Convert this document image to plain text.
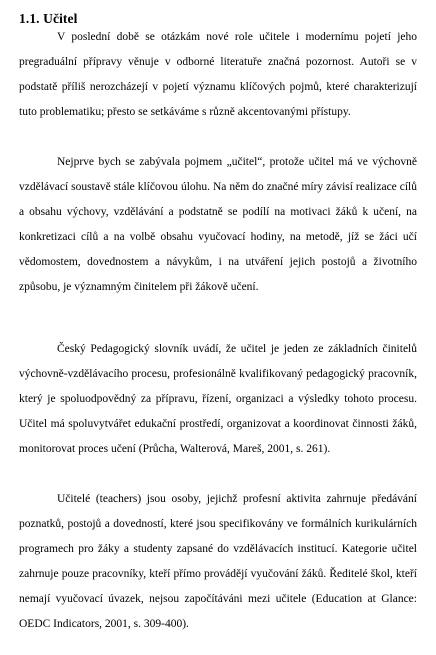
1.1. Učitel

V poslední době se otázkám nové role učitele i modernímu pojetí jeho pregraduální přípravy věnuje v odborné literatuře značná pozornost. Autoři se v podstatě příliš nerozcházejí v pojetí významu klíčových pojmů, které charakterizují tuto problematiku; přesto se setkáváme s různě akcentovanými přístupy.

Nejprve bych se zabývala pojmem „učitel“, protože učitel má ve výchovně vzdělávací soustavě stále klíčovou úlohu. Na něm do značné míry závisí realizace cílů a obsahu výchovy, vzdělávání a podstatně se podílí na motivaci žáků k učení, na konkretizaci cílů a na volbě obsahu vyučovací hodiny, na metodě, jíž se žáci učí vědomostem, dovednostem a návykům, i na utváření jejich postojů a životního způsobu, je významným činitelem při žákově učení.

Český Pedagogický slovník uvádí, že učitel je jeden ze základních činitelů výchovně-vzdělávacího procesu, profesionálně kvalifikovaný pedagogický pracovník, který je spoluodpovědný za přípravu, řízení, organizaci a výsledky tohoto procesu. Učitel má spoluvytvářet edukační prostředí, organizovat a koordinovat činnosti žáků, monitorovat proces učení (Průcha, Walterová, Mareš, 2001, s. 261).

Učitelé (teachers) jsou osoby, jejichž profesní aktivita zahrnuje předávání poznatků, postojů a dovedností, které jsou specifikovány ve formálních kurikulárních programech pro žáky a studenty zapsané do vzdělávacích institucí. Kategorie učitel zahrnuje pouze pracovníky, kteří přímo provádějí vyučování žáků. Ředitelé škol, kteří nemají vyučovací úvazek, nejsou započítáváni mezi učitele (Education at Glance: OEDC Indicators, 2001, s. 309-400).
